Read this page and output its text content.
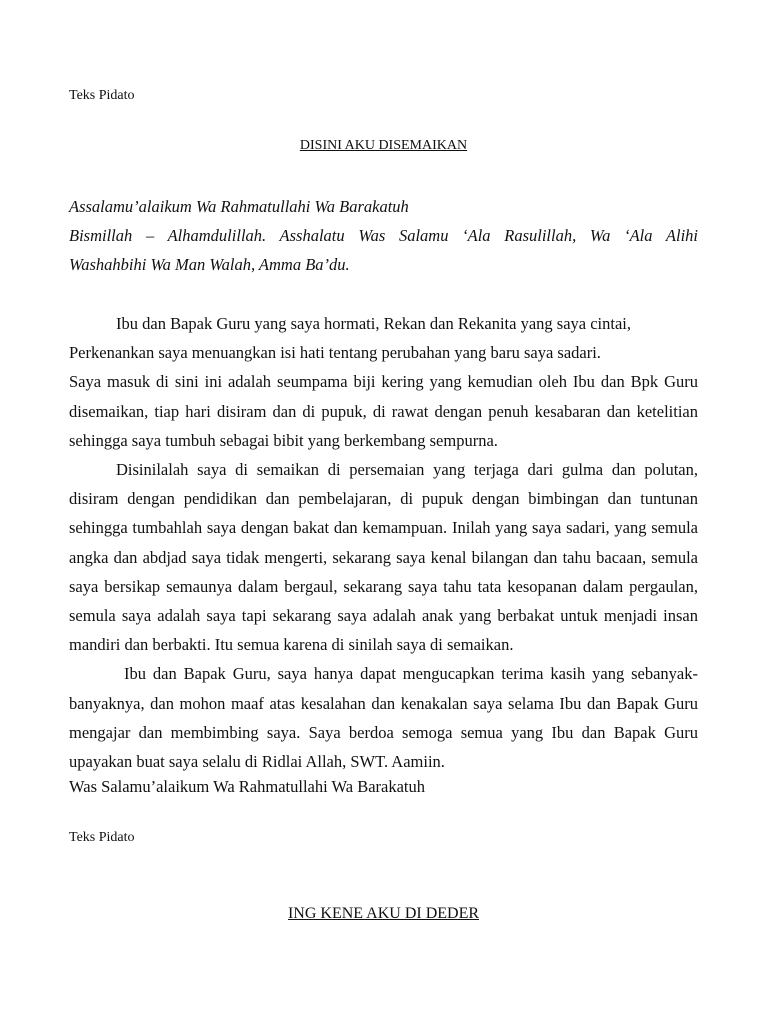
Teks Pidato
DISINI AKU DISEMAIKAN
Assalamu’alaikum Wa Rahmatullahi Wa Barakatuh
Bismillah – Alhamdulillah. Asshalatu Was Salamu ‘Ala Rasulillah, Wa ‘Ala Alihi
Washahbihi Wa Man Walah, Amma Ba’du.

Ibu dan Bapak Guru yang saya hormati, Rekan dan Rekanita yang saya cintai,

Perkenankan saya menuangkan isi hati tentang perubahan yang baru saya sadari.

Saya masuk di sini ini adalah seumpama biji kering yang kemudian oleh Ibu dan Bpk Guru disemaikan, tiap hari disiram dan di pupuk, di rawat dengan penuh kesabaran dan ketelitian sehingga saya tumbuh sebagai bibit yang berkembang sempurna.

Disinilalah saya di semaikan di persemaian yang terjaga dari gulma dan polutan, disiram dengan pendidikan dan pembelajaran, di pupuk dengan bimbingan dan tuntunan sehingga tumbahlah saya dengan bakat dan kemampuan. Inilah yang saya sadari, yang semula angka dan abdjad saya tidak mengerti, sekarang saya kenal bilangan dan tahu bacaan, semula saya bersikap semaunya dalam bergaul, sekarang saya tahu tata kesopanan dalam pergaulan, semula saya adalah saya tapi sekarang saya adalah anak yang berbakat untuk menjadi insan mandiri dan berbakti. Itu semua karena di sinilah saya di semaikan.

Ibu dan Bapak Guru, saya hanya dapat mengucapkan terima kasih yang sebanyak-banyaknya, dan mohon maaf atas kesalahan dan kenakalan saya selama Ibu dan Bapak Guru mengajar dan membimbing saya. Saya berdoa semoga semua yang Ibu dan Bapak Guru upayakan buat saya selalu di Ridlai Allah, SWT. Aamiin.

Was Salamu’alaikum Wa Rahmatullahi Wa Barakatuh

Teks Pidato
ING KENE AKU DI DEDER
